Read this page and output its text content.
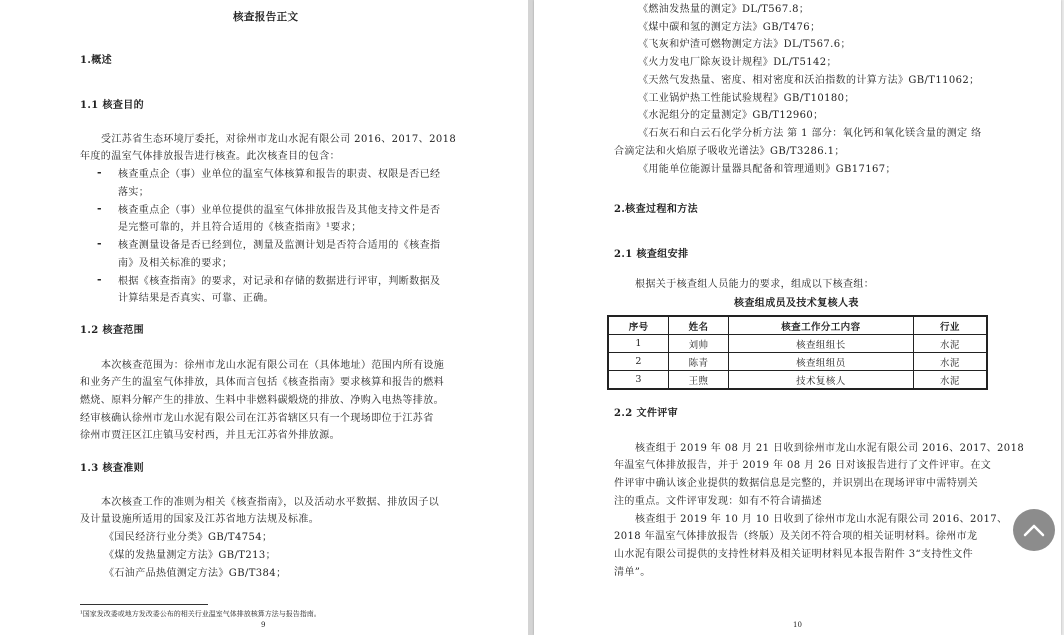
核查报告正文
1.概述
1.1 核查目的
受江苏省生态环境厅委托，对徐州市龙山水泥有限公司 2016、2017、2018
年度的温室气体排放报告进行核查。此次核查目的包含：
- 核查重点企（事）业单位的温室气体核算和报告的职责、权限是否已经
落实；
- 核查重点企（事）业单位提供的温室气体排放报告及其他支持文件是否
是完整可靠的，并且符合适用的《核查指南》¹要求；
- 核查测量设备是否已经到位，测量及监测计划是否符合适用的《核查指
南》及相关标准的要求；
- 根据《核查指南》的要求，对记录和存储的数据进行评审，判断数据及
计算结果是否真实、可靠、正确。
1.2 核查范围
本次核查范围为：徐州市龙山水泥有限公司在（具体地址）范围内所有设施
和业务产生的温室气体排放，具体而言包括《核查指南》要求核算和报告的燃料
燃烧、原料分解产生的排放、生料中非燃料碳煅烧的排放、净购入电热等排放。
经审核确认徐州市龙山水泥有限公司在江苏省辖区只有一个现场即位于江苏省
徐州市贾汪区江庄镇马安村西，并且无江苏省外排放源。
1.3 核查准则
本次核查工作的准则为相关《核查指南》，以及活动水平数据、排放因子以
及计量设施所适用的国家及江苏省地方法规及标准。
《国民经济行业分类》GB/T4754；
《煤的发热量测定方法》GB/T213；
《石油产品热值测定方法》GB/T384；
¹国家发改委或地方发改委公布的相关行业温室气体排放核算方法与报告指南。
9
《燃油发热量的测定》DL/T567.8；
《煤中碳和氢的测定方法》GB/T476；
《飞灰和炉渣可燃物测定方法》DL/T567.6；
《火力发电厂除灰设计规程》DL/T5142；
《天然气发热量、密度、相对密度和沃泊指数的计算方法》GB/T11062；
《工业锅炉热工性能试验规程》GB/T10180；
《水泥组分的定量测定》GB/T12960；
《石灰石和白云石化学分析方法 第 1 部分：氧化钙和氧化镁含量的测定 络
合滴定法和火焰原子吸收光谱法》GB/T3286.1；
《用能单位能源计量器具配备和管理通则》GB17167；
2.核查过程和方法
2.1 核查组安排
根据关于核查组人员能力的要求，组成以下核查组：
核查组成员及技术复核人表
2.2 文件评审
核查组于 2019 年 08 月 21 日收到徐州市龙山水泥有限公司 2016、2017、2018
年温室气体排放报告，并于 2019 年 08 月 26 日对该报告进行了文件评审。在文
件评审中确认该企业提供的数据信息是完整的，并识别出在现场评审中需特别关
注的重点。文件评审发现：如有不符合请描述
核查组于 2019 年 10 月 10 日收到了徐州市龙山水泥有限公司 2016、2017、
2018 年温室气体排放报告（终版）及关闭不符合项的相关证明材料。徐州市龙
山水泥有限公司提供的支持性材料及相关证明材料见本报告附件 3“支持性文件
清单”。
10
序号	姓名	核查工作分工内容	行业
1	刘帅	核查组组长	水泥
2	陈青	核查组组员	水泥
3	王煦	技术复核人	水泥
